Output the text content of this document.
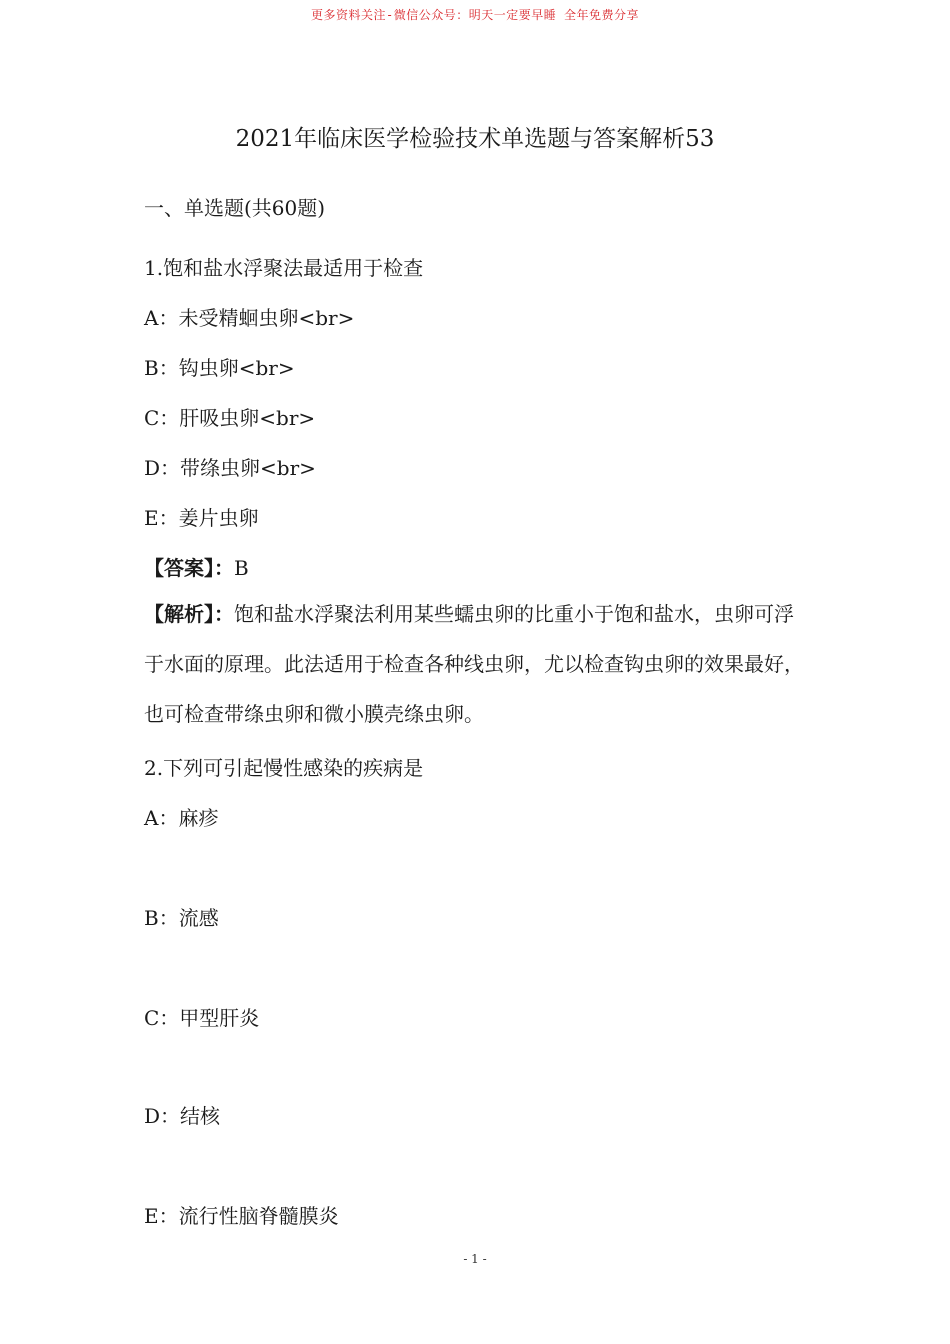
更多资料关注-微信公众号：明天一定要早睡 全年免费分享
2021年临床医学检验技术单选题与答案解析53
一、单选题(共60题)
1.饱和盐水浮聚法最适用于检查
A：未受精蛔虫卵<br>
B：钩虫卵<br>
C：肝吸虫卵<br>
D：带绦虫卵<br>
E：姜片虫卵
【答案】：B
【解析】：饱和盐水浮聚法利用某些蠕虫卵的比重小于饱和盐水，虫卵可浮于水面的原理。此法适用于检查各种线虫卵，尤以检查钩虫卵的效果最好，也可检查带绦虫卵和微小膜壳绦虫卵。
2.下列可引起慢性感染的疾病是
A：麻疹
B：流感
C：甲型肝炎
D：结核
E：流行性脑脊髓膜炎
- 1 -
